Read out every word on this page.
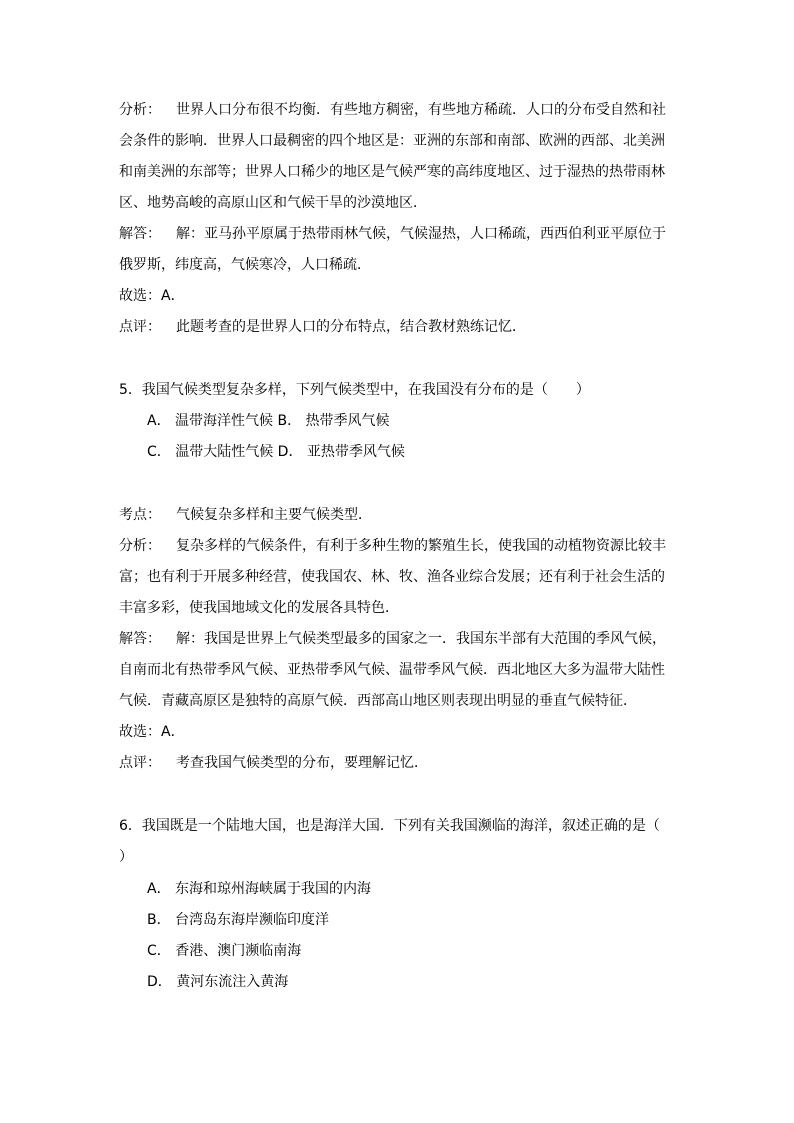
分析： 世界人口分布很不均衡．有些地方稠密，有些地方稀疏．人口的分布受自然和社
会条件的影响．世界人口最稠密的四个地区是：亚洲的东部和南部、欧洲的西部、北美洲
和南美洲的东部等；世界人口稀少的地区是气候严寒的高纬度地区、过于湿热的热带雨林
区、地势高峻的高原山区和气候干旱的沙漠地区．
解答： 解：亚马孙平原属于热带雨林气候，气候湿热，人口稀疏，西西伯利亚平原位于
俄罗斯，纬度高，气候寒冷，人口稀疏．
故选：A．
点评： 此题考查的是世界人口的分布特点，结合教材熟练记忆．
5．我国气候类型复杂多样，下列气候类型中，在我国没有分布的是（　　）
A． 温带海洋性气候 B． 热带季风气候
C． 温带大陆性气候 D． 亚热带季风气候
考点： 气候复杂多样和主要气候类型．
分析： 复杂多样的气候条件，有利于多种生物的繁殖生长，使我国的动植物资源比较丰
富；也有利于开展多种经营，使我国农、林、牧、渔各业综合发展；还有利于社会生活的
丰富多彩，使我国地域文化的发展各具特色．
解答： 解：我国是世界上气候类型最多的国家之一．我国东半部有大范围的季风气候，
自南而北有热带季风气候、亚热带季风气候、温带季风气候．西北地区大多为温带大陆性
气候．青藏高原区是独特的高原气候．西部高山地区则表现出明显的垂直气候特征．
故选：A．
点评： 考查我国气候类型的分布，要理解记忆．
6．我国既是一个陆地大国，也是海洋大国．下列有关我国濒临的海洋，叙述正确的是（
）
A． 东海和琼州海峡属于我国的内海
B． 台湾岛东海岸濒临印度洋
C． 香港、澳门濒临南海
D． 黄河东流注入黄海
